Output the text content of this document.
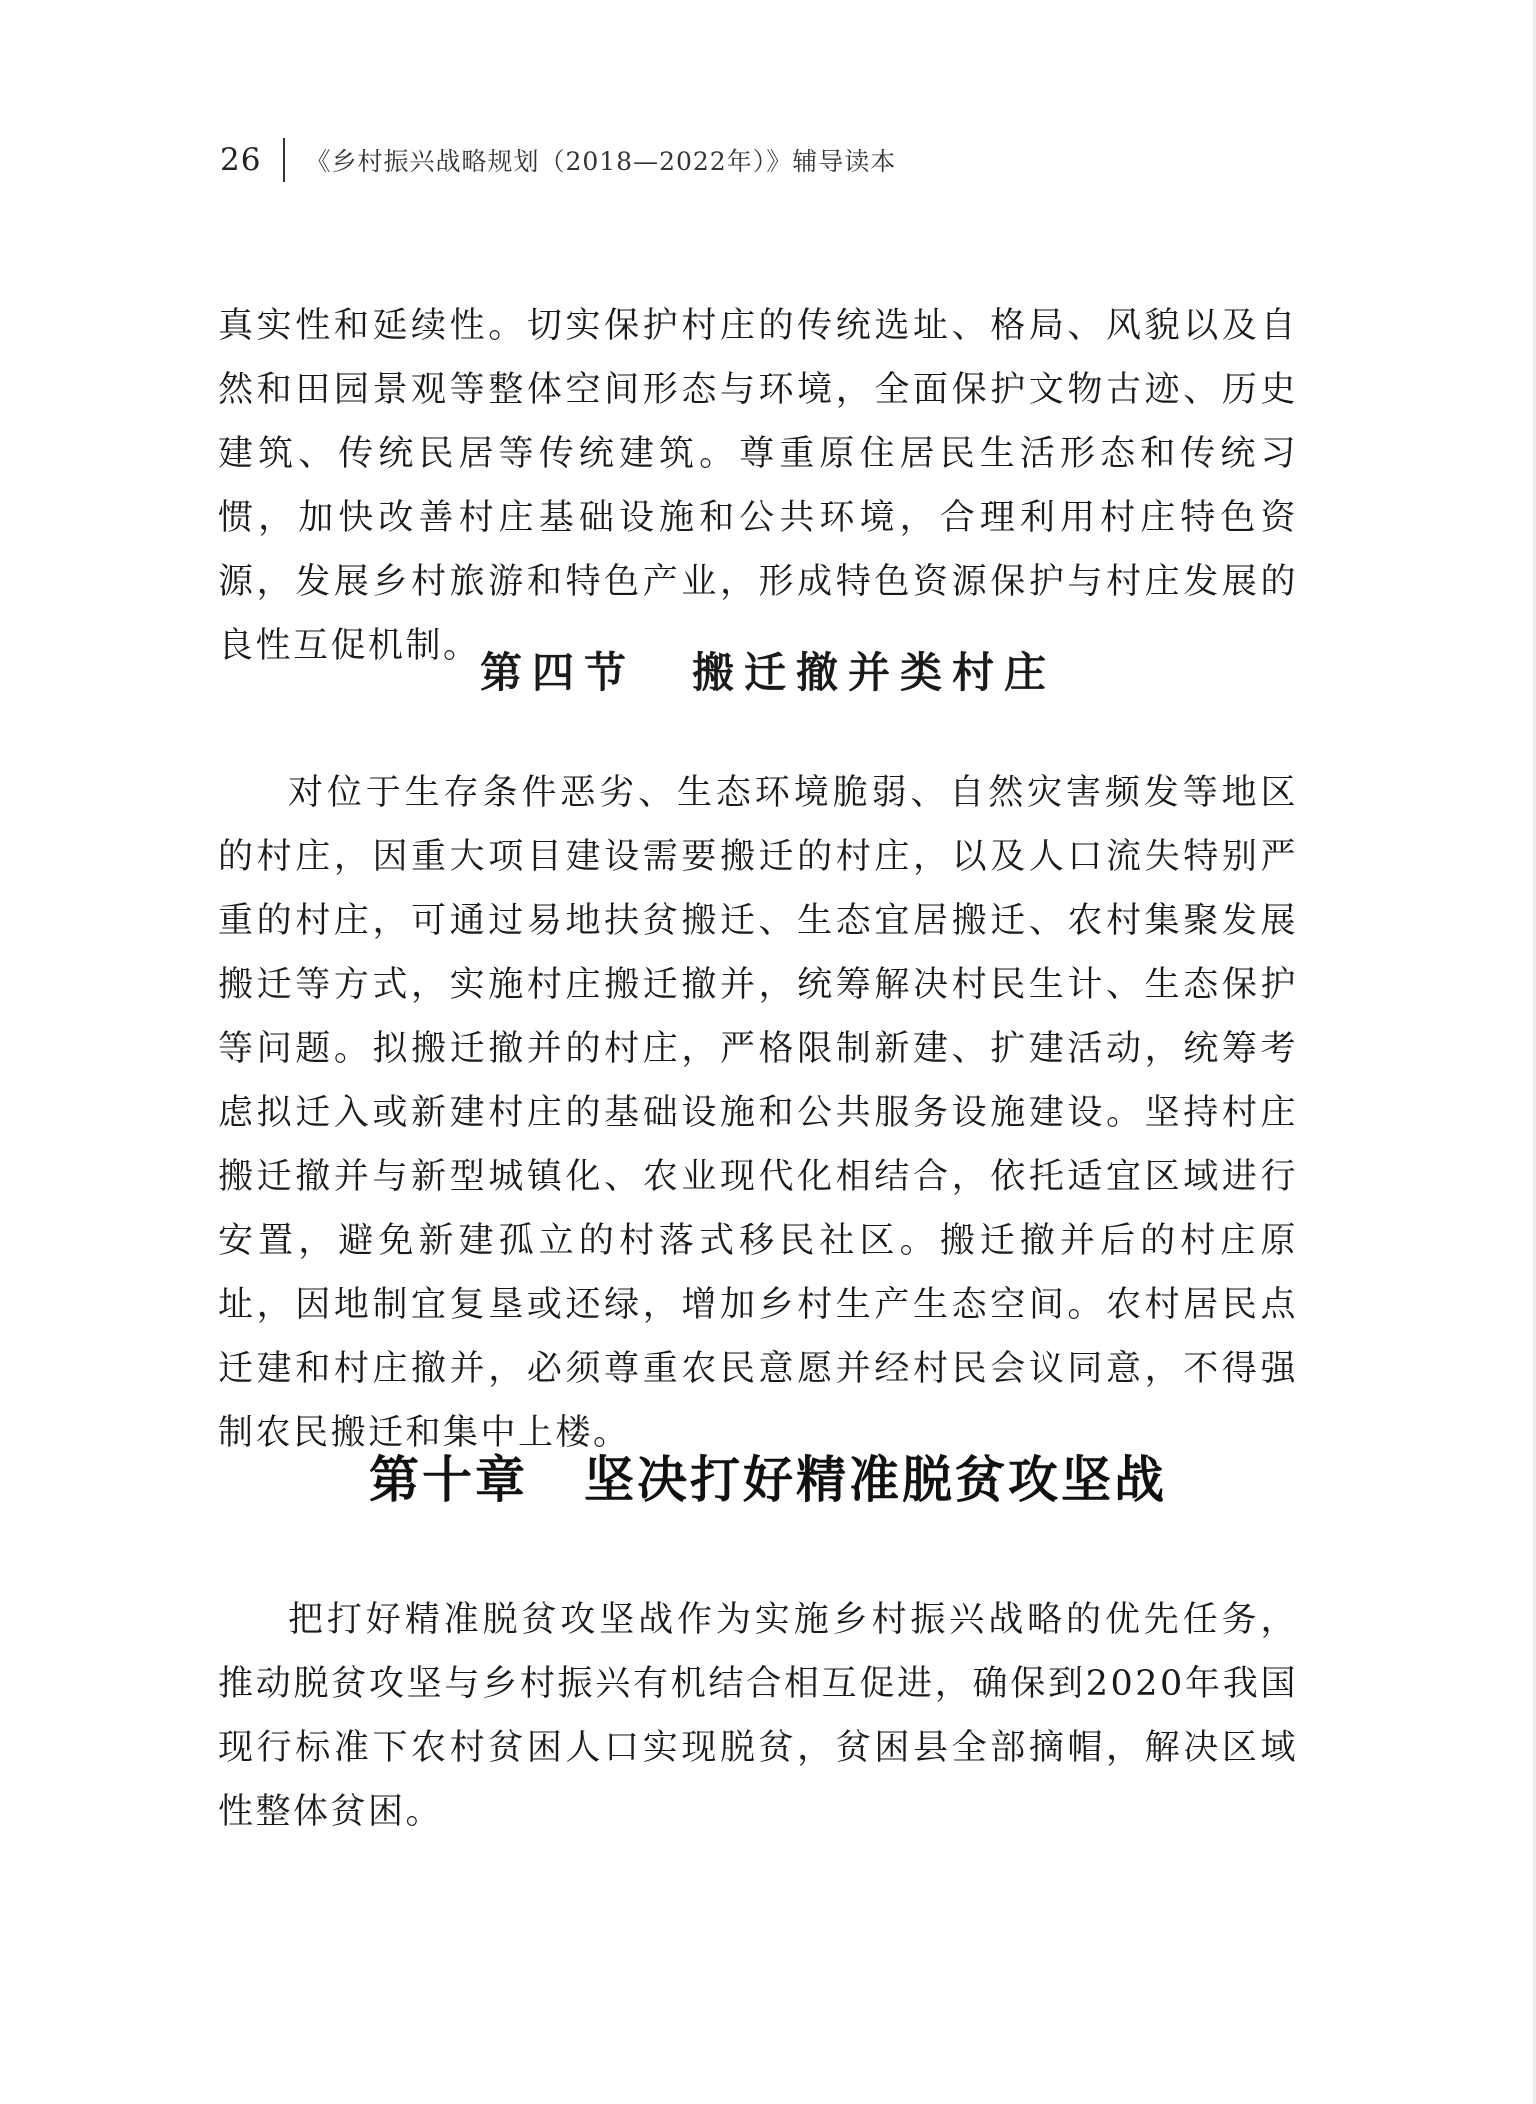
26 《乡村振兴战略规划（2018—2022年）》辅导读本

真实性和延续性。切实保护村庄的传统选址、格局、风貌以及自然和田园景观等整体空间形态与环境，全面保护文物古迹、历史建筑、传统民居等传统建筑。尊重原住居民生活形态和传统习惯，加快改善村庄基础设施和公共环境，合理利用村庄特色资源，发展乡村旅游和特色产业，形成特色资源保护与村庄发展的良性互促机制。

第四节 搬迁撤并类村庄

对位于生存条件恶劣、生态环境脆弱、自然灾害频发等地区的村庄，因重大项目建设需要搬迁的村庄，以及人口流失特别严重的村庄，可通过易地扶贫搬迁、生态宜居搬迁、农村集聚发展搬迁等方式，实施村庄搬迁撤并，统筹解决村民生计、生态保护等问题。拟搬迁撤并的村庄，严格限制新建、扩建活动，统筹考虑拟迁入或新建村庄的基础设施和公共服务设施建设。坚持村庄搬迁撤并与新型城镇化、农业现代化相结合，依托适宜区域进行安置，避免新建孤立的村落式移民社区。搬迁撤并后的村庄原址，因地制宜复垦或还绿，增加乡村生产生态空间。农村居民点迁建和村庄撤并，必须尊重农民意愿并经村民会议同意，不得强制农民搬迁和集中上楼。

第十章 坚决打好精准脱贫攻坚战

把打好精准脱贫攻坚战作为实施乡村振兴战略的优先任务，推动脱贫攻坚与乡村振兴有机结合相互促进，确保到2020年我国现行标准下农村贫困人口实现脱贫，贫困县全部摘帽，解决区域性整体贫困。
